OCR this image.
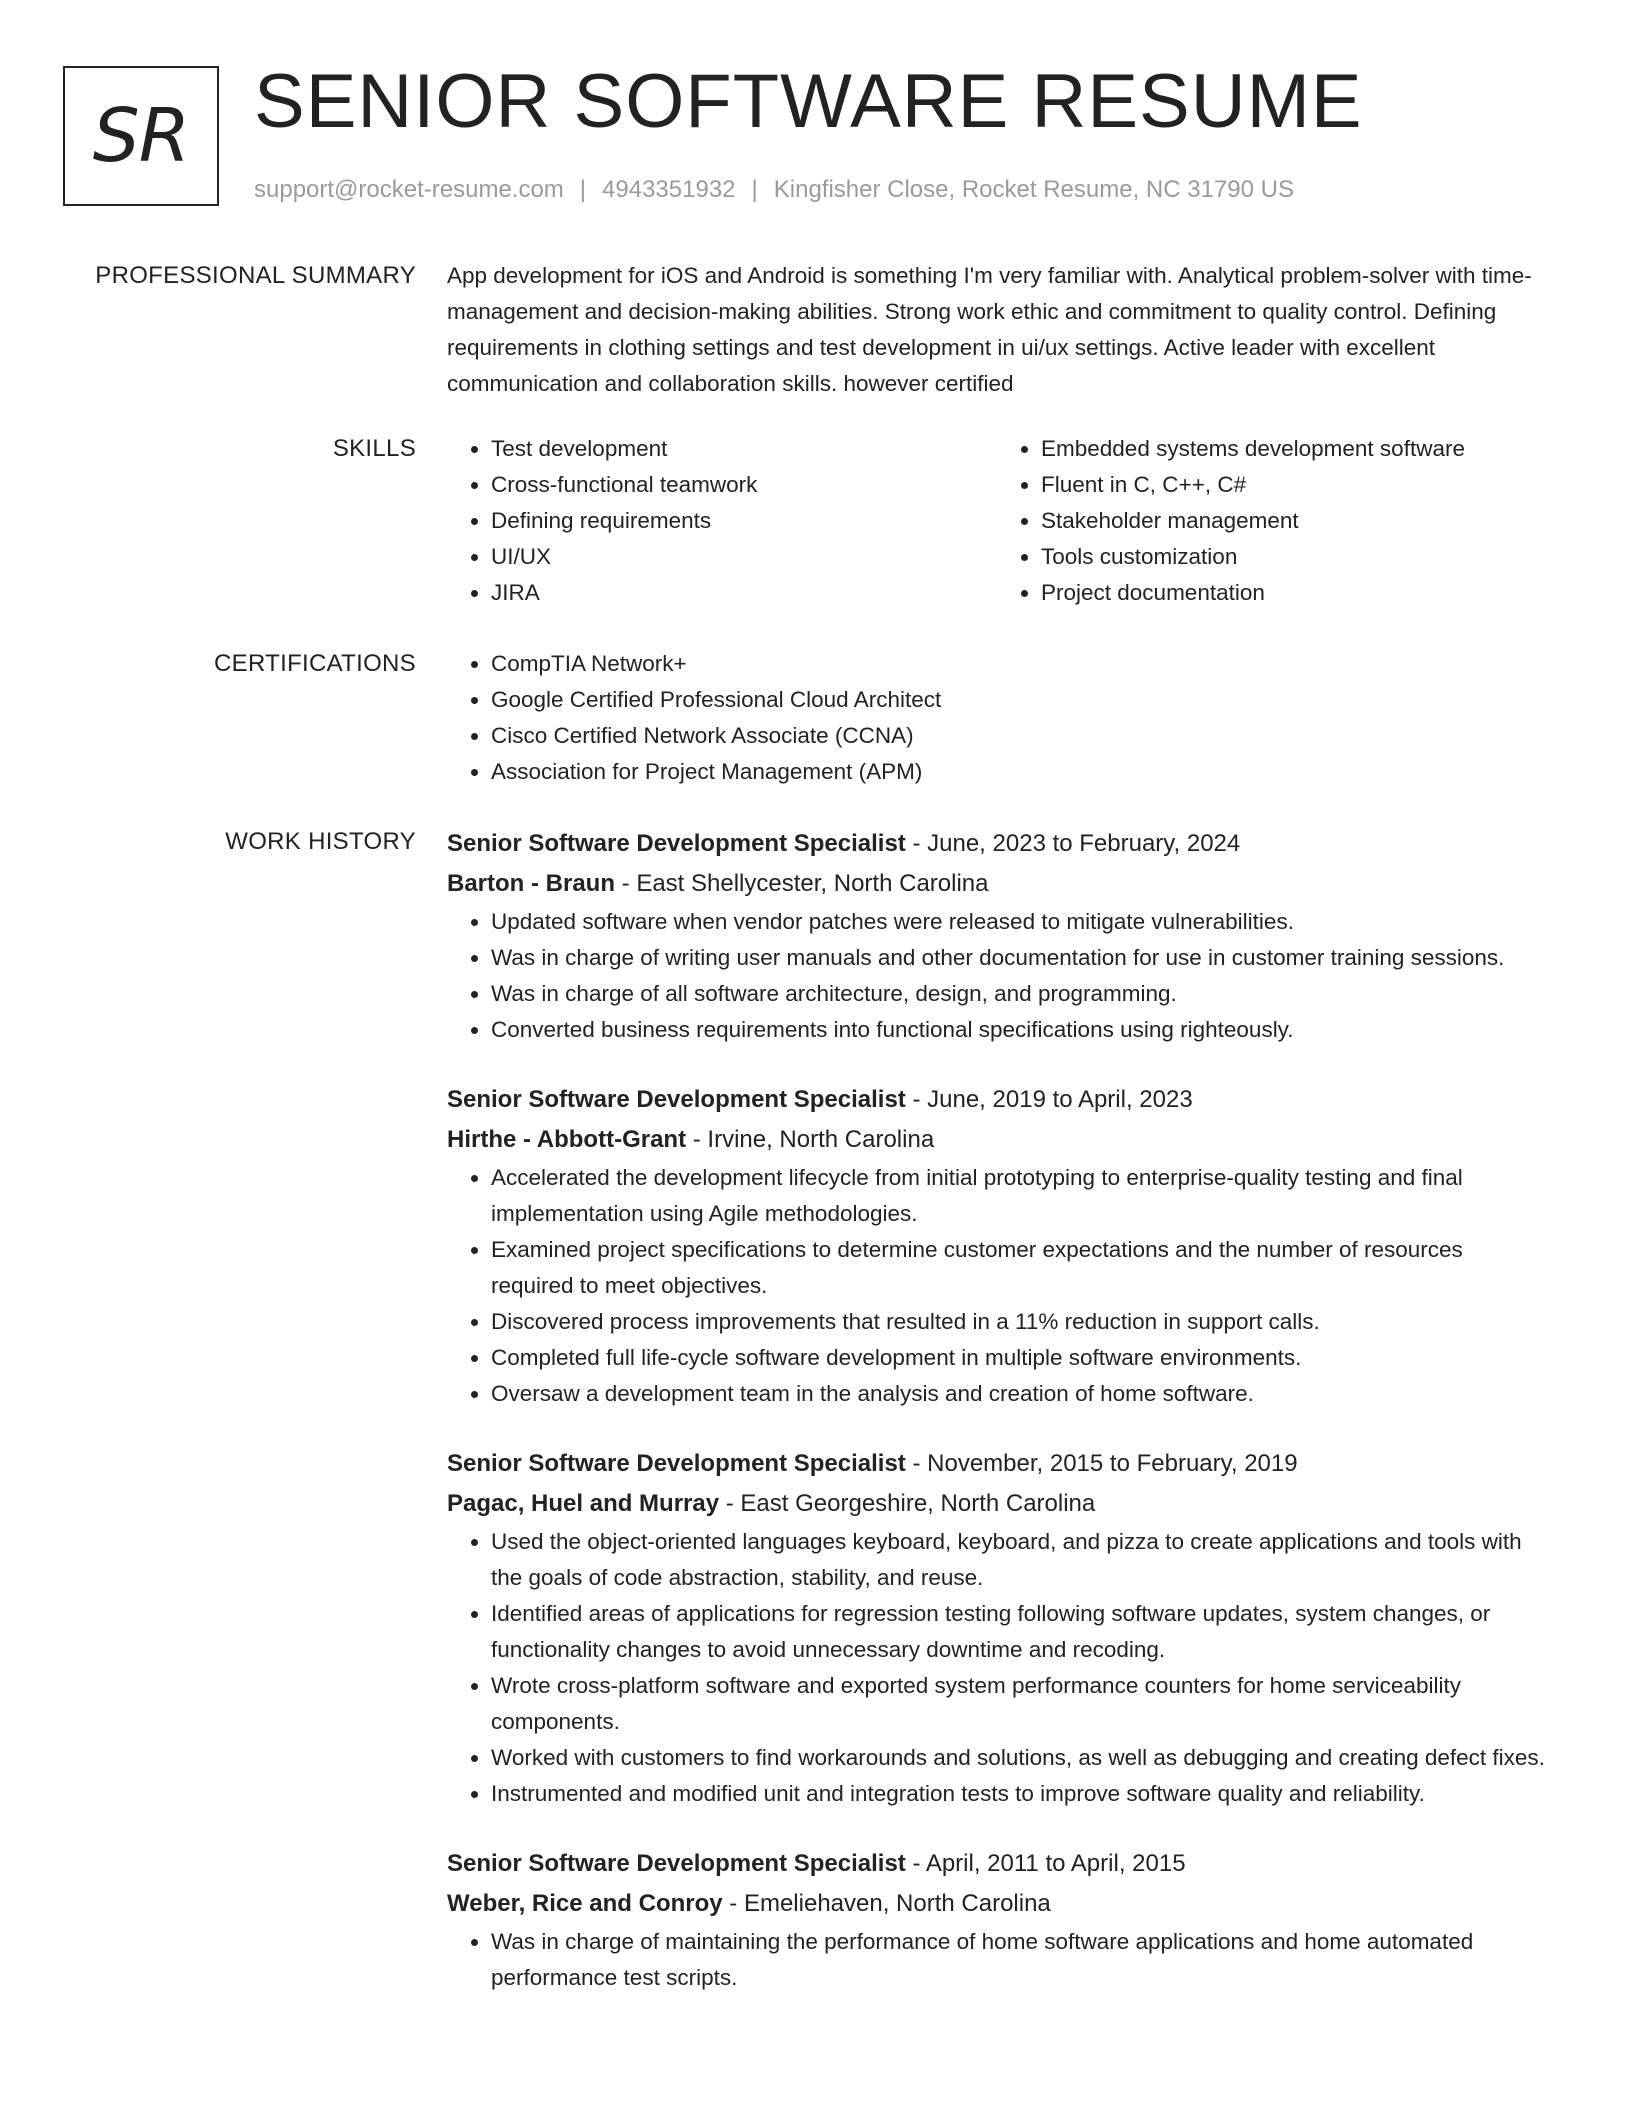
SR SENIOR SOFTWARE RESUME
support@rocket-resume.com | 4943351932 | Kingfisher Close, Rocket Resume, NC 31790 US
PROFESSIONAL SUMMARY App development for iOS and Android is something I'm very familiar with. Analytical problem-solver with time-management and decision-making abilities. Strong work ethic and commitment to quality control. Defining requirements in clothing settings and test development in ui/ux settings. Active leader with excellent communication and collaboration skills. however certified

SKILLS	• Test development
• Cross-functional teamwork
• Defining requirements
• UI/UX
• JIRA
• Embedded systems development software
• Fluent in C, C++, C#
• Stakeholder management
• Tools customization
• Project documentation
CERTIFICATIONS	• CompTIA Network+
• Google Certified Professional Cloud Architect
• Cisco Certified Network Associate (CCNA)
• Association for Project Management (APM)
WORK HISTORY Senior Software Development Specialist - June, 2023 to February, 2024
Barton - Braun - East Shellycester, North Carolina
• Updated software when vendor patches were released to mitigate vulnerabilities.
• Was in charge of writing user manuals and other documentation for use in customer training sessions.
• Was in charge of all software architecture, design, and programming.
• Converted business requirements into functional specifications using righteously.
Senior Software Development Specialist - June, 2019 to April, 2023
Hirthe - Abbott-Grant - Irvine, North Carolina
• Accelerated the development lifecycle from initial prototyping to enterprise-quality testing and final implementation using Agile methodologies.
• Examined project specifications to determine customer expectations and the number of resources required to meet objectives.
• Discovered process improvements that resulted in a 11% reduction in support calls.
• Completed full life-cycle software development in multiple software environments.
• Oversaw a development team in the analysis and creation of home software.
Senior Software Development Specialist - November, 2015 to February, 2019
Pagac, Huel and Murray - East Georgeshire, North Carolina
• Used the object-oriented languages keyboard, keyboard, and pizza to create applications and tools with the goals of code abstraction, stability, and reuse.
• Identified areas of applications for regression testing following software updates, system changes, or functionality changes to avoid unnecessary downtime and recoding.
• Wrote cross-platform software and exported system performance counters for home serviceability components.
• Worked with customers to find workarounds and solutions, as well as debugging and creating defect fixes.
• Instrumented and modified unit and integration tests to improve software quality and reliability.
Senior Software Development Specialist - April, 2011 to April, 2015
Weber, Rice and Conroy - Emeliehaven, North Carolina
• Was in charge of maintaining the performance of home software applications and home automated performance test scripts.
